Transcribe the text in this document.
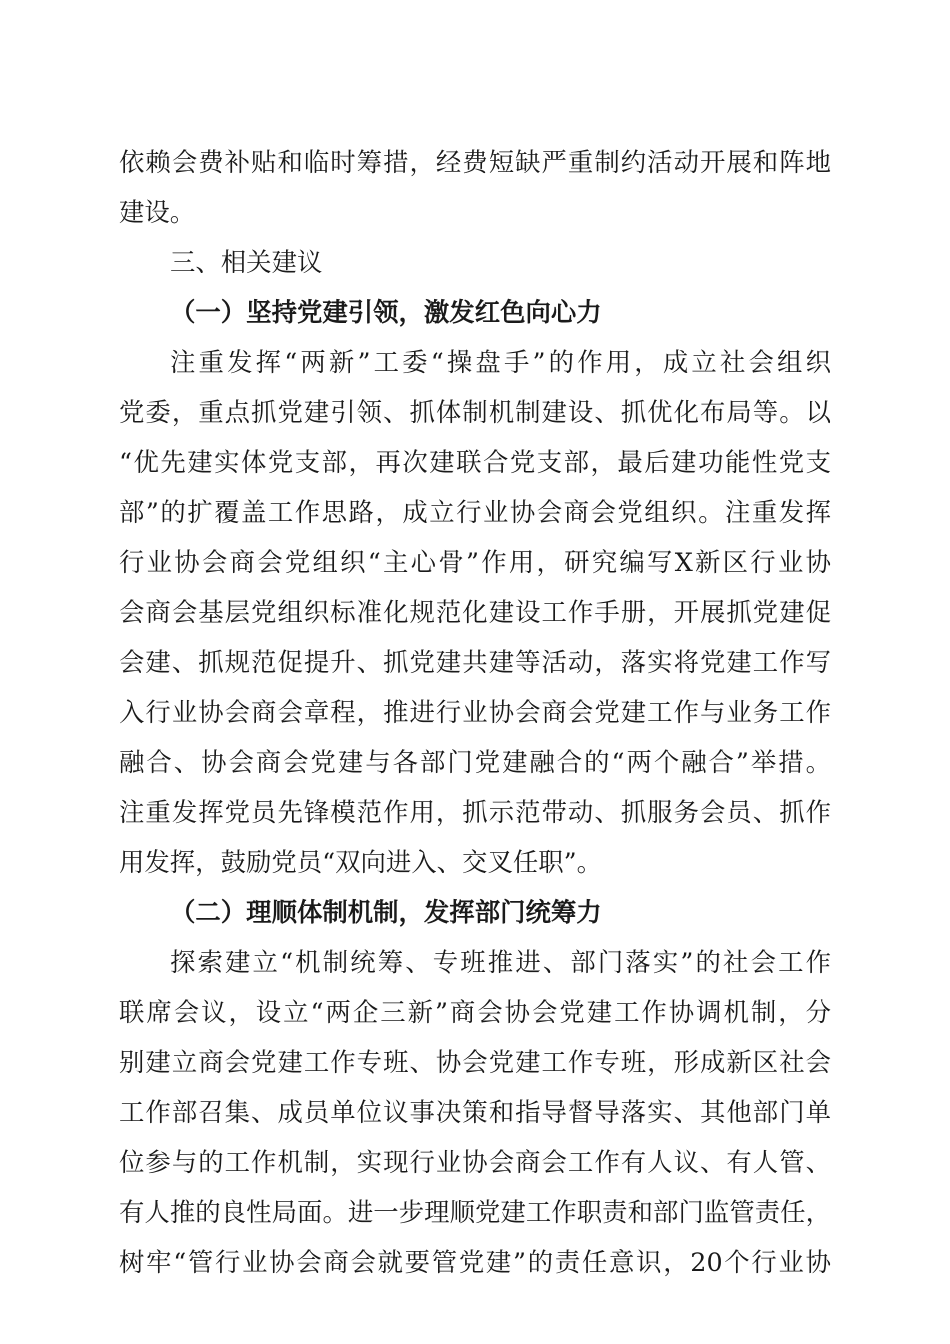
依赖会费补贴和临时筹措，经费短缺严重制约活动开展和阵地
建设。
三、相关建议
（一）坚持党建引领，激发红色向心力
注重发挥“两新”工委“操盘手”的作用，成立社会组织
党委，重点抓党建引领、抓体制机制建设、抓优化布局等。以
“优先建实体党支部，再次建联合党支部，最后建功能性党支
部”的扩覆盖工作思路，成立行业协会商会党组织。注重发挥
行业协会商会党组织“主心骨”作用，研究编写X新区行业协
会商会基层党组织标准化规范化建设工作手册，开展抓党建促
会建、抓规范促提升、抓党建共建等活动，落实将党建工作写
入行业协会商会章程，推进行业协会商会党建工作与业务工作
融合、协会商会党建与各部门党建融合的“两个融合”举措。
注重发挥党员先锋模范作用，抓示范带动、抓服务会员、抓作
用发挥，鼓励党员“双向进入、交叉任职”。
（二）理顺体制机制，发挥部门统筹力
探索建立“机制统筹、专班推进、部门落实”的社会工作
联席会议，设立“两企三新”商会协会党建工作协调机制，分
别建立商会党建工作专班、协会党建工作专班，形成新区社会
工作部召集、成员单位议事决策和指导督导落实、其他部门单
位参与的工作机制，实现行业协会商会工作有人议、有人管、
有人推的良性局面。进一步理顺党建工作职责和部门监管责任，
树牢“管行业协会商会就要管党建”的责任意识，20个行业协
